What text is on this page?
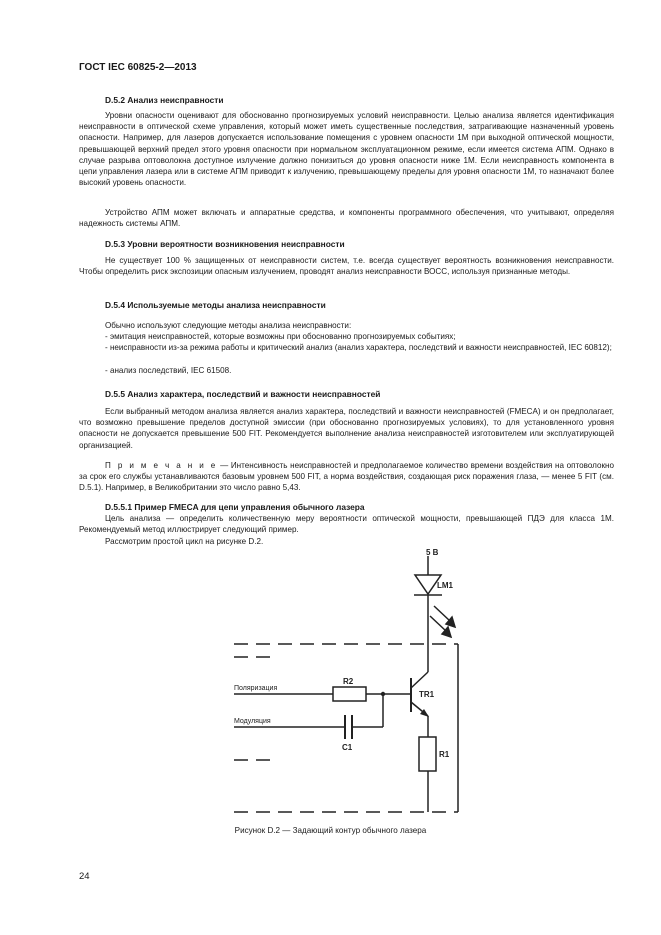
ГОСТ IEC 60825-2—2013
D.5.2 Анализ неисправности

Уровни опасности оценивают для обоснованно прогнозируемых условий неисправности. Целью анализа является идентификация неисправности в оптической схеме управления, который может иметь существенные последствия, затрагивающие назначенный уровень опасности. Например, для лазеров допускается использование помещения с уровнем опасности 1М при выходной оптической мощности, превышающей верхний предел этого уровня опасности при нормальном эксплуатационном режиме, если имеется система АПМ. Однако в случае разрыва оптоволокна доступное излучение должно понизиться до уровня опасности ниже 1М. Если неисправность компонента в цепи управления лазера или в системе АПМ приводит к излучению, превышающему пределы для уровня опасности 1М, то назначают более высокий уровень опасности.

Устройство АПМ может включать и аппаратные средства, и компоненты программного обеспечения, что учитывают, определяя надежность системы АПМ.

D.5.3 Уровни вероятности возникновения неисправности

Не существует 100 % защищенных от неисправности систем, т.е. всегда существует вероятность возникновения неисправности. Чтобы определить риск экспозиции опасным излучением, проводят анализ неисправности ВОСС, используя признанные методы.

D.5.4 Используемые методы анализа неисправности

Обычно используют следующие методы анализа неисправности:

- эмитация неисправностей, которые возможны при обоснованно прогнозируемых событиях;

- неисправности из-за режима работы и критический анализ (анализ характера, последствий и важности неисправностей, IEC 60812);

- анализ последствий, IEC 61508.

D.5.5 Анализ характера, последствий и важности неисправностей

Если выбранный методом анализа является анализ характера, последствий и важности неисправностей (FMECA) и он предполагает, что возможно превышение пределов доступной эмиссии (при обоснованно прогнозируемых условиях), то для установленного уровня опасности не допускается превышение 500 FIT. Рекомендуется выполнение анализа неисправностей изготовителем или эксплуатирующей организацией.

П р и м е ч а н и е — Интенсивность неисправностей и предполагаемое количество времени воздействия на оптоволокно за срок его службы устанавливаются базовым уровнем 500 FIT, а норма воздействия, создающая риск поражения глаза, — менее 5 FIT (см. D.5.1). Например, в Великобритании это число равно 5,43.

D.5.5.1 Пример FMECA для цепи управления обычного лазера

Цель анализа — определить количественную меру вероятности оптической мощности, превышающей ПДЭ для класса 1М. Рекомендуемый метод иллюстрирует следующий пример.

Рассмотрим простой цикл на рисунке D.2.

5 В
LM1
R2
TR1
C1
R1
Поляризация
Модуляция
Рисунок D.2 — Задающий контур обычного лазера
24
